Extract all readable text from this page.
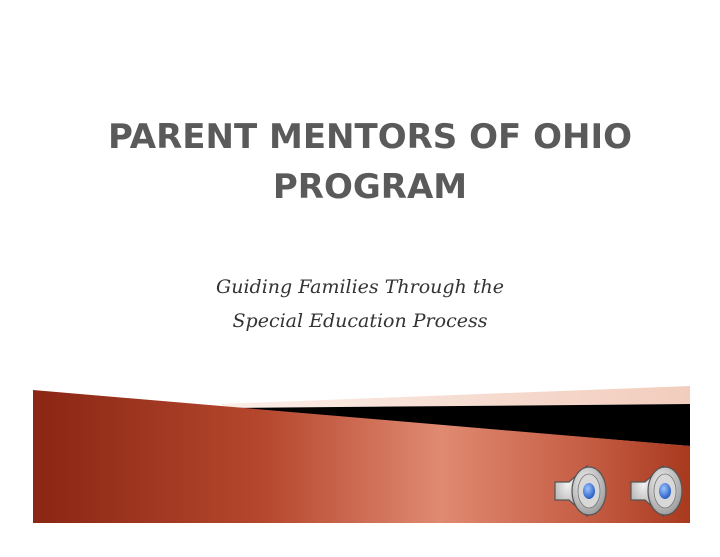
PARENT MENTORS OF OHIO
PROGRAM

Guiding Families Through the
Special Education Process
